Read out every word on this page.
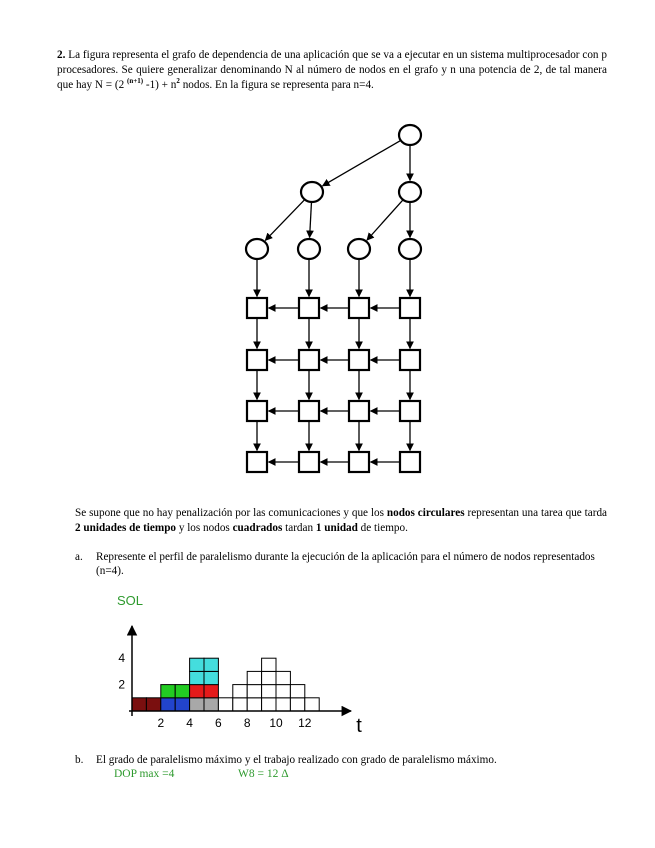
2. La figura representa el grafo de dependencia de una aplicación que se va a ejecutar en un sistema multiprocesador con p procesadores. Se quiere generalizar denominando N al número de nodos en el grafo y n una potencia de 2, de tal manera que hay N = (2 $^{(n+1)}$ $-1) + n^2$ nodos. En la figura se representa para n=4.
Se supone que no hay penalización por las comunicaciones y que los nodos circulares representan una tarea que tarda 2 unidades de tiempo y los nodos cuadrados tardan 1 unidad de tiempo.
a. Represente el perfil de paralelismo durante la ejecución de la aplicación para el número de nodos representados (n=4).
SOL
2 4 6 8 10 12
2
4
t
b. El grado de paralelismo máximo y el trabajo realizado con grado de paralelismo máximo.
DOP max =4	W8 = 12 Δ
